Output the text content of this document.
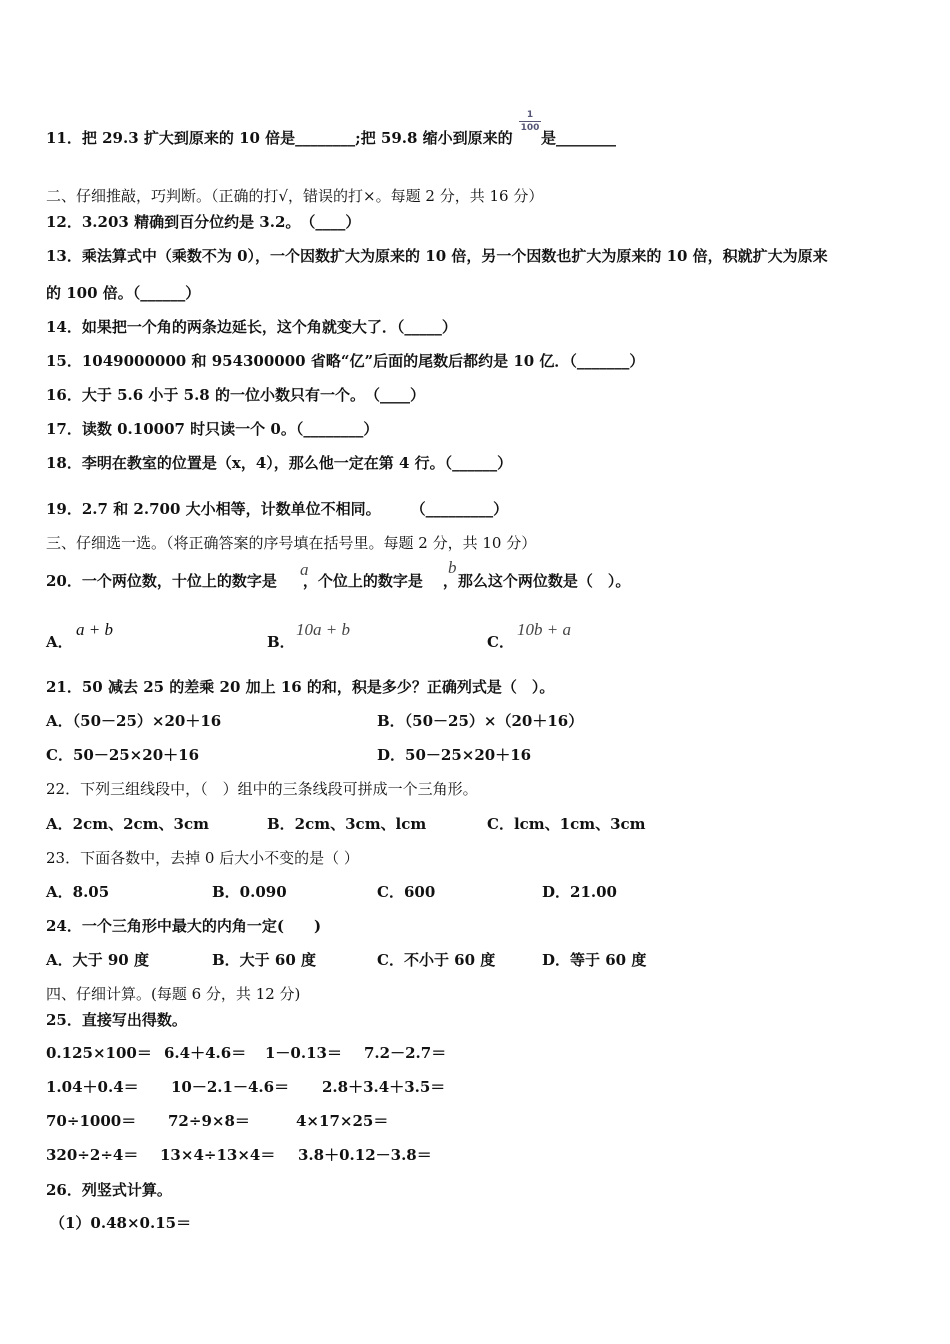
11．把 29.3 扩大到原来的 10 倍是________;把 59.8 缩小到原来的
1
100
是________
二、仔细推敲，巧判断。（正确的打√，错误的打×。每题 2 分，共 16 分）
12．3.203 精确到百分位约是 3.2。　（____）
13．乘法算式中（乘数不为 0），一个因数扩大为原来的 10 倍，另一个因数也扩大为原来的 10 倍，积就扩大为原来
的 100 倍。（______）
14．如果把一个角的两条边延长，这个角就变大了．（_____）
15．1049000000 和 954300000 省略“亿”后面的尾数后都约是 10 亿．（_______）
16．大于 5.6 小于 5.8 的一位小数只有一个。　（____）
17．读数 0.10007 时只读一个 0。（________）
18．李明在教室的位置是（x，4），那么他一定在第 4 行。（______）
19．2.7 和 2.700 大小相等，计数单位不相同。　　　（_________）
三、仔细选一选。（将正确答案的序号填在括号里。每题 2 分，共 10 分）
20．一个两位数，十位上的数字是 ，个位上的数字是 ，那么这个两位数是（　）。
a	b
A．
a + b
B．
10a + b
C．
10b + a
21．50 减去 25 的差乘 20 加上 16 的和，积是多少？正确列式是（　）。
A．（50－25）×20＋16	B．（50－25）×（20＋16）
C．50－25×20＋16	D．50－25×20＋16
22．下列三组线段中，（　）组中的三条线段可拼成一个三角形。
A．2cm、2cm、3cm	B．2cm、3cm、lcm	C．lcm、1cm、3cm
23．下面各数中，去掉 0 后大小不变的是（ ）
A．8.05	B．0.090	C．600	D．21.00
24．一个三角形中最大的内角一定(　　)
A．大于 90 度	B．大于 60 度	C．不小于 60 度	D．等于 60 度
四、仔细计算。(每题 6 分，共 12 分)
25．直接写出得数。
0.125×100＝ 6.4＋4.6＝ 1－0.13＝ 7.2－2.7＝
1.04＋0.4＝ 10－2.1－4.6＝ 2.8＋3.4＋3.5＝
70÷1000＝ 72÷9×8＝	4×17×25＝
320÷2÷4＝ 13×4÷13×4＝ 3.8＋0.12－3.8＝
26．列竖式计算。
（1）0.48×0.15＝
